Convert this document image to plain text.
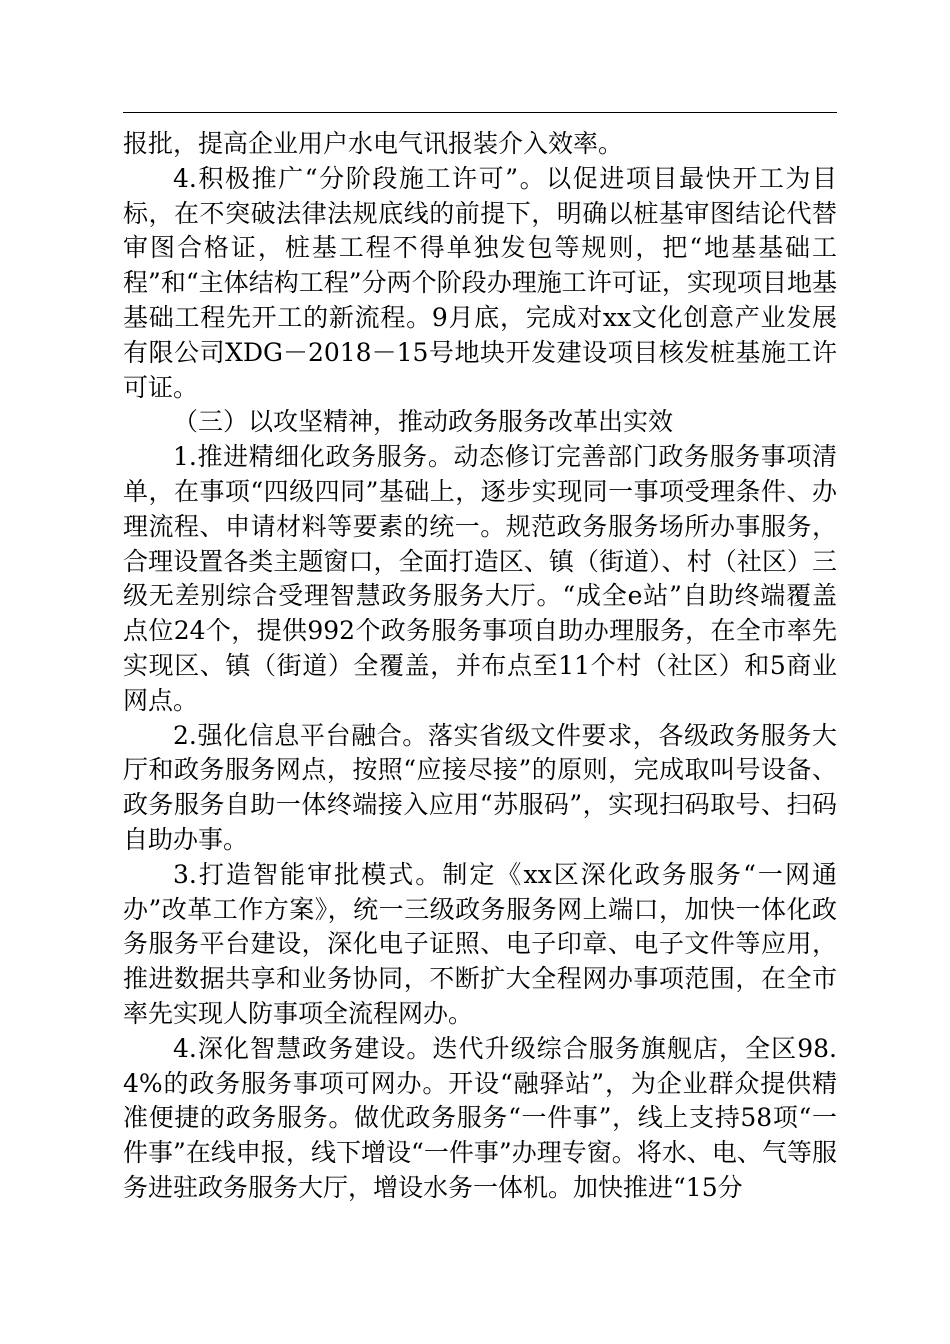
报批，提高企业用户水电气讯报装介入效率。

4.积极推广“分阶段施工许可”。以促进项目最快开工为目标，在不突破法律法规底线的前提下，明确以桩基审图结论代替审图合格证，桩基工程不得单独发包等规则，把“地基基础工程”和“主体结构工程”分两个阶段办理施工许可证，实现项目地基基础工程先开工的新流程。9月底，完成对xx文化创意产业发展有限公司XDG－2018－15号地块开发建设项目核发桩基施工许可证。

（三）以攻坚精神，推动政务服务改革出实效

1.推进精细化政务服务。动态修订完善部门政务服务事项清单，在事项“四级四同”基础上，逐步实现同一事项受理条件、办理流程、申请材料等要素的统一。规范政务服务场所办事服务，合理设置各类主题窗口，全面打造区、镇（街道）、村（社区）三级无差别综合受理智慧政务服务大厅。“成全e站”自助终端覆盖点位24个，提供992个政务服务事项自助办理服务，在全市率先实现区、镇（街道）全覆盖，并布点至11个村（社区）和5商业网点。

2.强化信息平台融合。落实省级文件要求，各级政务服务大厅和政务服务网点，按照“应接尽接”的原则，完成取叫号设备、政务服务自助一体终端接入应用“苏服码”，实现扫码取号、扫码自助办事。

3.打造智能审批模式。制定《xx区深化政务服务“一网通办”改革工作方案》，统一三级政务服务网上端口，加快一体化政务服务平台建设，深化电子证照、电子印章、电子文件等应用，推进数据共享和业务协同，不断扩大全程网办事项范围，在全市率先实现人防事项全流程网办。

4.深化智慧政务建设。迭代升级综合服务旗舰店，全区98.4%的政务服务事项可网办。开设“融驿站”，为企业群众提供精准便捷的政务服务。做优政务服务“一件事”，线上支持58项“一件事”在线申报，线下增设“一件事”办理专窗。将水、电、气等服务进驻政务服务大厅，增设水务一体机。加快推进“15分
